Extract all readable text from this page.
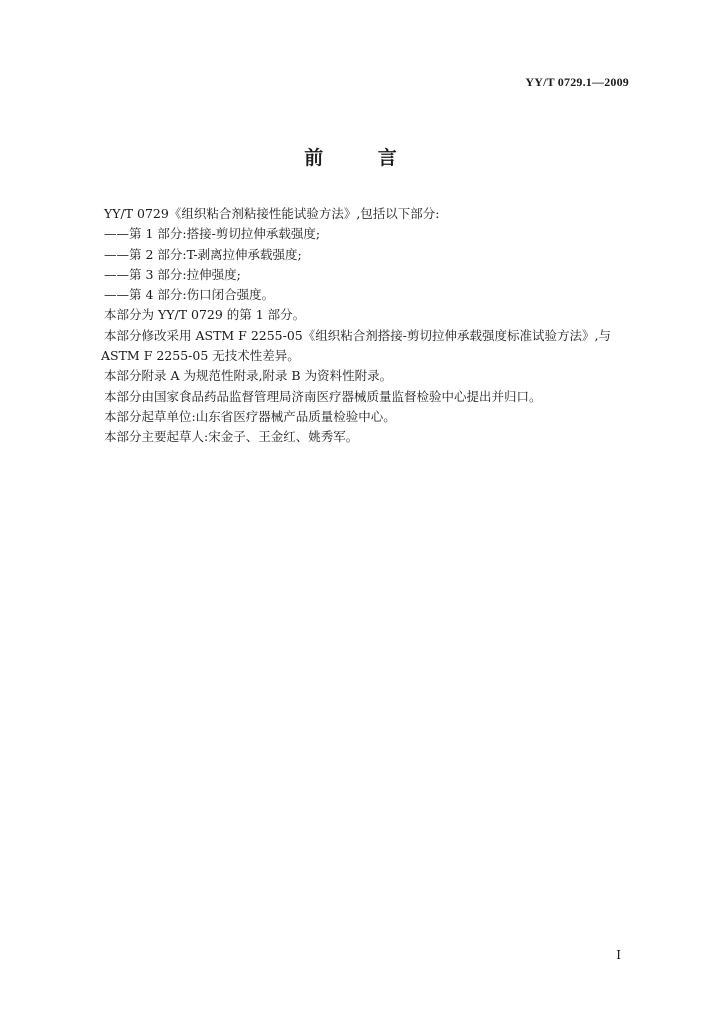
YY/T 0729.1—2009
前 言

YY/T 0729《组织粘合剂粘接性能试验方法》,包括以下部分:

——第 1 部分:搭接-剪切拉伸承载强度;

——第 2 部分:T-剥离拉伸承载强度;

——第 3 部分:拉伸强度;

——第 4 部分:伤口闭合强度。

本部分为 YY/T 0729 的第 1 部分。

本部分修改采用 ASTM F 2255-05《组织粘合剂搭接-剪切拉伸承载强度标准试验方法》,与

ASTM F 2255-05 无技术性差异。

本部分附录 A 为规范性附录,附录 B 为资料性附录。

本部分由国家食品药品监督管理局济南医疗器械质量监督检验中心提出并归口。

本部分起草单位:山东省医疗器械产品质量检验中心。

本部分主要起草人:宋金子、王金红、姚秀军。

I
